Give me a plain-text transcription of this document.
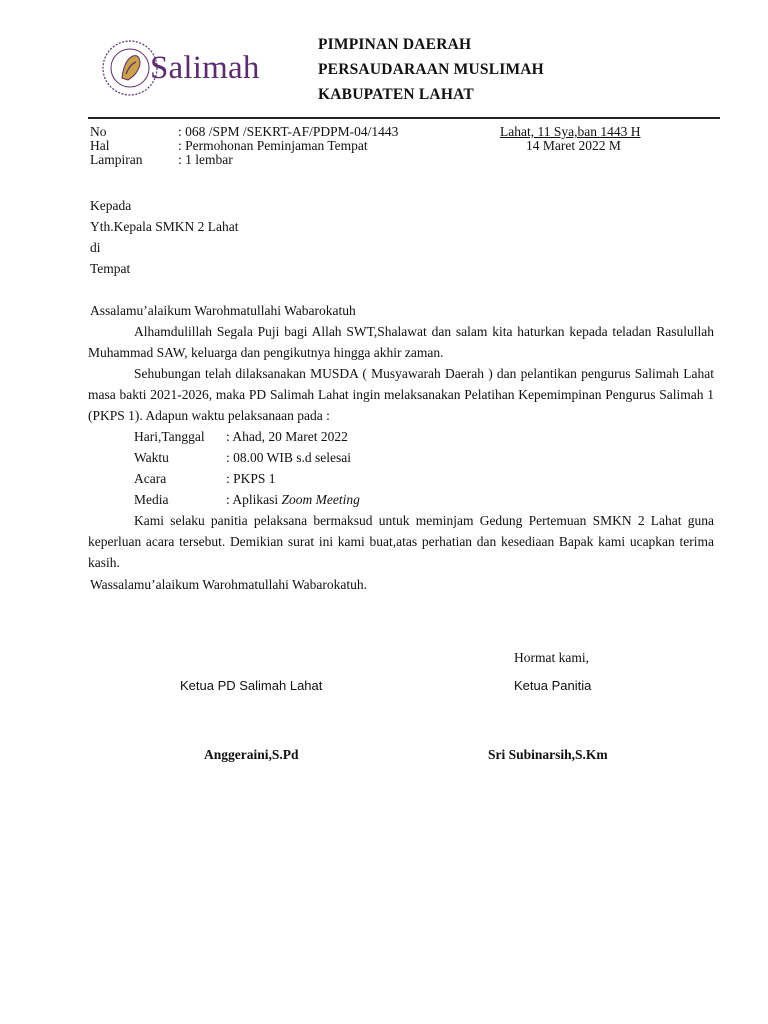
Salimah
PIMPINAN DAERAH
PERSAUDARAAN MUSLIMAH
KABUPATEN LAHAT
No	: 068 /SPM /SEKRT-AF/PDPM-04/1443
Hal	: Permohonan Peminjaman Tempat
Lampiran	: 1 lembar
Lahat, 11 Sya,ban 1443 H
14 Maret 2022 M
Kepada
Yth.Kepala SMKN 2 Lahat
di
Tempat
Assalamu’alaikum Warohmatullahi Wabarokatuh
Alhamdulillah Segala Puji bagi Allah SWT,Shalawat dan salam kita haturkan kepada teladan Rasulullah Muhammad SAW, keluarga dan pengikutnya hingga akhir zaman.
Sehubungan telah dilaksanakan MUSDA ( Musyawarah Daerah ) dan pelantikan pengurus Salimah Lahat masa bakti 2021-2026, maka PD Salimah Lahat ingin melaksanakan Pelatihan Kepemimpinan Pengurus Salimah 1 (PKPS 1). Adapun waktu pelaksanaan pada :
Hari,Tanggal : Ahad, 20 Maret 2022
Waktu	: 08.00 WIB s.d selesai
Acara	: PKPS 1
Media	: Aplikasi Zoom Meeting
Kami selaku panitia pelaksana bermaksud untuk meminjam Gedung Pertemuan SMKN 2 Lahat guna keperluan acara tersebut. Demikian surat ini kami buat,atas perhatian dan kesediaan Bapak kami ucapkan terima kasih.
Wassalamu’alaikum Warohmatullahi Wabarokatuh.
Hormat kami,
Ketua PD Salimah Lahat	Ketua Panitia
Anggeraini,S.Pd	Sri Subinarsih,S.Km
